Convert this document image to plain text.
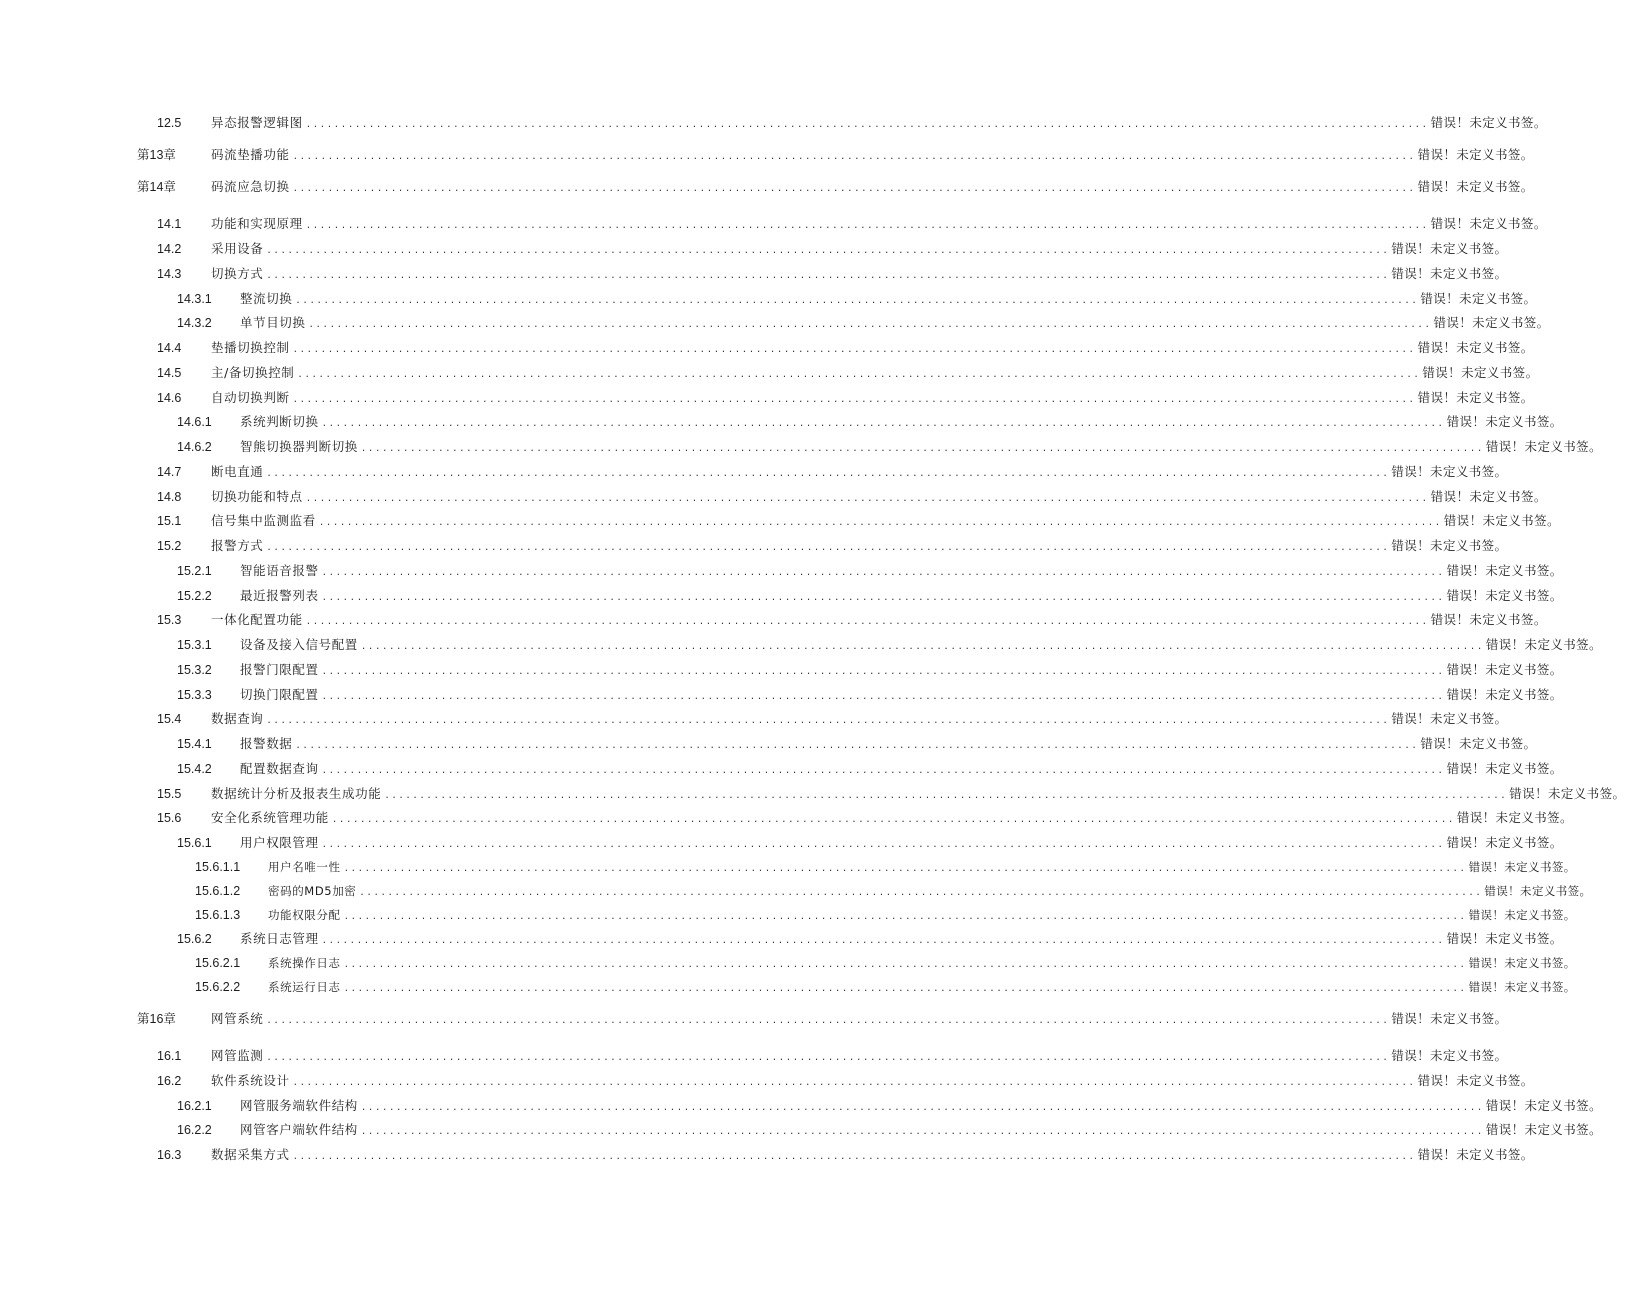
12.5 异态报警逻辑图 ................................................................................................................................................................ 错误！未定义书签。
第13章	码流垫播功能 ................................................................................................................................................................ 错误！未定义书签。
第14章	码流应急切换 ................................................................................................................................................................ 错误！未定义书签。
14.1 功能和实现原理 ................................................................................................................................................................ 错误！未定义书签。
14.2 采用设备 ................................................................................................................................................................ 错误！未定义书签。
14.3 切换方式 ................................................................................................................................................................ 错误！未定义书签。
14.3.1 整流切换 ................................................................................................................................................................ 错误！未定义书签。
14.3.2 单节目切换 ................................................................................................................................................................ 错误！未定义书签。
14.4 垫播切换控制 ................................................................................................................................................................ 错误！未定义书签。
14.5 主/备切换控制 ................................................................................................................................................................ 错误！未定义书签。
14.6 自动切换判断 ................................................................................................................................................................ 错误！未定义书签。
14.6.1 系统判断切换 ................................................................................................................................................................ 错误！未定义书签。
14.6.2 智熊切换器判断切换 ................................................................................................................................................................ 错误！未定义书签。
14.7 断电直通 ................................................................................................................................................................ 错误！未定义书签。
14.8 切换功能和特点 ................................................................................................................................................................ 错误！未定义书签。
15.1 信号集中监测监看 ................................................................................................................................................................ 错误！未定义书签。
15.2 报警方式 ................................................................................................................................................................ 错误！未定义书签。
15.2.1 智能语音报警 ................................................................................................................................................................ 错误！未定义书签。
15.2.2 最近报警列表 ................................................................................................................................................................ 错误！未定义书签。
15.3 一体化配置功能 ................................................................................................................................................................ 错误！未定义书签。
15.3.1 设备及接入信号配置 ................................................................................................................................................................ 错误！未定义书签。
15.3.2 报警门限配置 ................................................................................................................................................................ 错误！未定义书签。
15.3.3 切换门限配置 ................................................................................................................................................................ 错误！未定义书签。
15.4 数据查询 ................................................................................................................................................................ 错误！未定义书签。
15.4.1 报警数据 ................................................................................................................................................................ 错误！未定义书签。
15.4.2 配置数据查询 ................................................................................................................................................................ 错误！未定义书签。
15.5 数据统计分析及报表生成功能 ................................................................................................................................................................ 错误！未定义书签。
15.6 安全化系统管理功能 ................................................................................................................................................................ 错误！未定义书签。
15.6.1 用户权限管理 ................................................................................................................................................................ 错误！未定义书签。
15.6.1.1 用户名唯一性 ................................................................................................................................................................ 错误！未定义书签。
15.6.1.2 密码的MD5加密 ................................................................................................................................................................ 错误！未定义书签。
15.6.1.3 功能权限分配 ................................................................................................................................................................ 错误！未定义书签。
15.6.2 系统日志管理 ................................................................................................................................................................ 错误！未定义书签。
15.6.2.1 系统操作日志 ................................................................................................................................................................ 错误！未定义书签。
15.6.2.2 系统运行日志 ................................................................................................................................................................ 错误！未定义书签。
第16章	网管系统 ................................................................................................................................................................ 错误！未定义书签。
16.1 网管监测 ................................................................................................................................................................ 错误！未定义书签。
16.2 软件系统设计 ................................................................................................................................................................ 错误！未定义书签。
16.2.1 网管服务端软件结构 ................................................................................................................................................................ 错误！未定义书签。
16.2.2 网管客户端软件结构 ................................................................................................................................................................ 错误！未定义书签。
16.3 数据采集方式 ................................................................................................................................................................ 错误！未定义书签。
